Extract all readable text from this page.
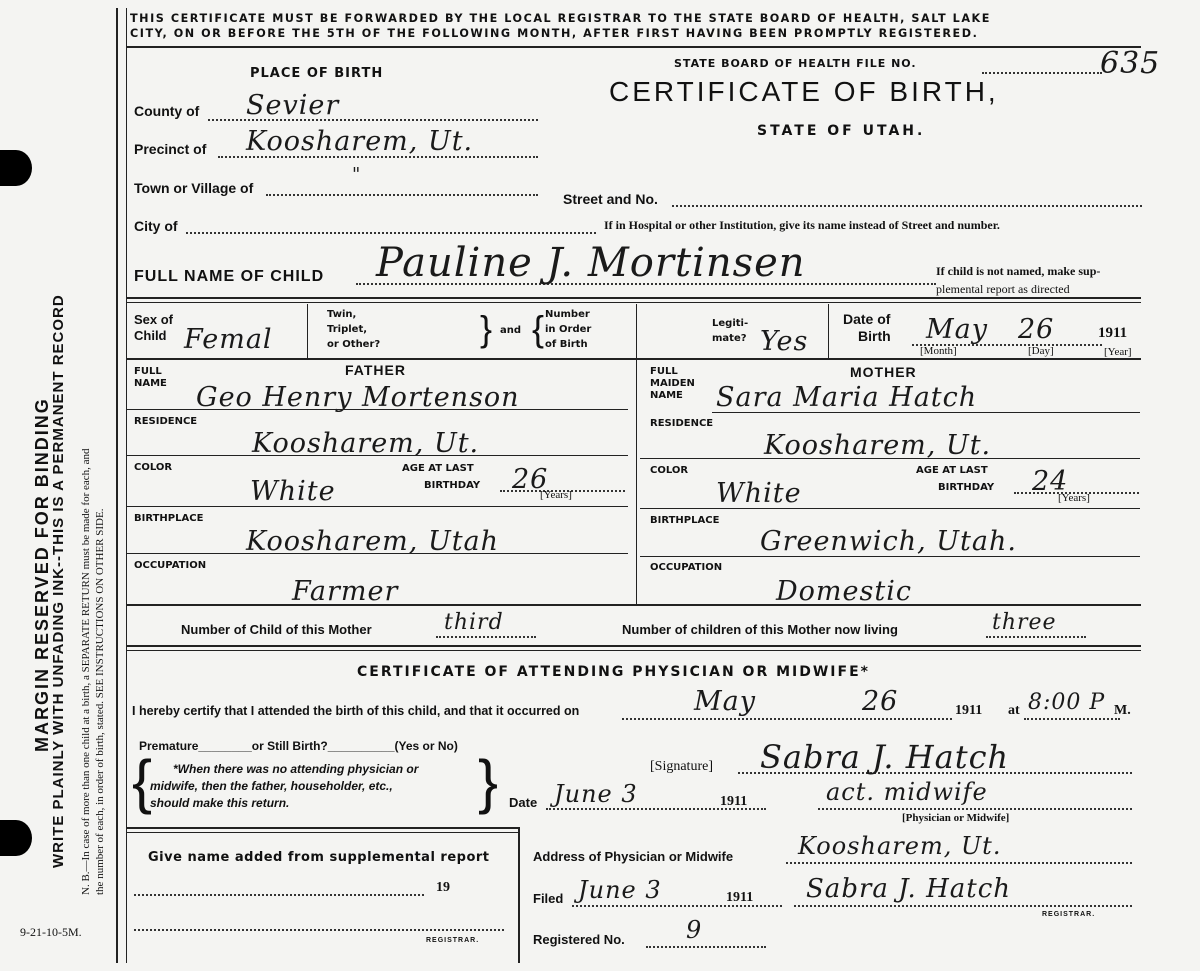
MARGIN RESERVED FOR BINDING
WRITE PLAINLY WITH UNFADING INK--THIS IS A PERMANENT RECORD N. B.—In case of more than one child at a birth, a SEPARATE RETURN must be made for each, and the number of each, in order of birth, stated. SEE INSTRUCTIONS ON OTHER SIDE.
9-21-10-5M.
THIS CERTIFICATE MUST BE FORWARDED BY THE LOCAL REGISTRAR TO THE STATE BOARD OF HEALTH, SALT LAKE
CITY, ON OR BEFORE THE 5TH OF THE FOLLOWING MONTH, AFTER FIRST HAVING BEEN PROMPTLY REGISTERED.
STATE BOARD OF HEALTH FILE NO.	635
CERTIFICATE OF BIRTH,
STATE OF UTAH.
PLACE OF BIRTH
County of Sevier
Precinct of Koosharem, Ut.
Town or Village of
"
City of
Street and No.
If in Hospital or other Institution, give its name instead of Street and number.
FULL NAME OF CHILD Pauline J. Mortinsen	If child is not named, make sup-
plemental report as directed
Sex of
Child Femal
Twin,
Triplet,
or Other?	} and { Number
in Order
of Birth
Legiti-
mate? Yes
Date of
Birth May 26	1911
[Month]	[Day]	[Year]
FULL
NAME
FATHER
Geo Henry Mortenson
RESIDENCE
Koosharem, Ut.
COLOR
White
AGE AT LAST
BIRTHDAY 26
[Years]
BIRTHPLACE
Koosharem, Utah
OCCUPATION
Farmer
FULL
MAIDEN
NAME
MOTHER
Sara Maria Hatch
RESIDENCE
Koosharem, Ut.
COLOR
White
AGE AT LAST
BIRTHDAY 24
[Years]
BIRTHPLACE
Greenwich, Utah.
OCCUPATION
Domestic
Number of Child of this Mother	third	Number of children of this Mother now living	three
CERTIFICATE OF ATTENDING PHYSICIAN OR MIDWIFE*
I hereby certify that I attended the birth of this child, and that it occurred on	May	26	1911 at 8:00 P M.
Premature________or Still Birth?__________(Yes or No)
{	}
*When there was no attending physician or
midwife, then the father, householder, etc.,
should make this return.
[Signature] Sabra J. Hatch
Date June 3	1911	act. midwife
[Physician or Midwife]
Give name added from supplemental report
19
REGISTRAR.
Address of Physician or Midwife	Koosharem, Ut.
Filed June 3	1911 Sabra J. Hatch
REGISTRAR.
Registered No.	9
